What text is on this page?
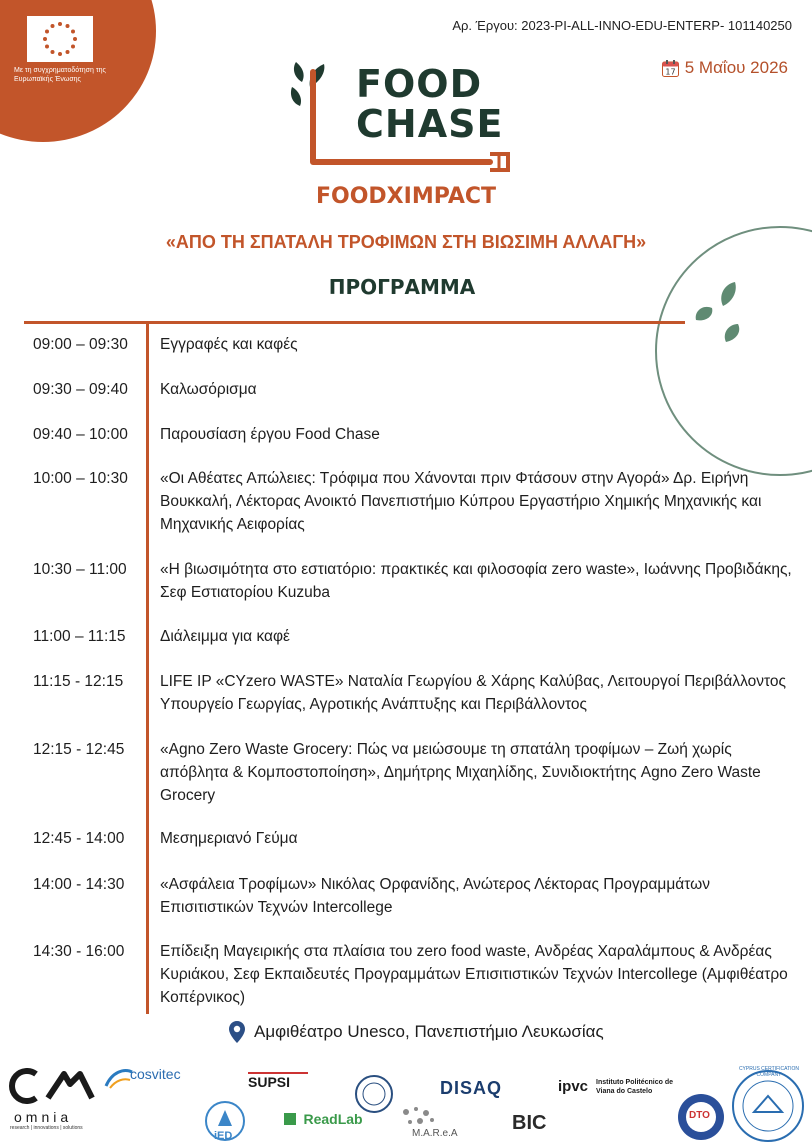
Με τη συγχρηματοδότηση της Ευρωπαϊκής Ένωσης
Αρ. Έργου: 2023-PI-ALL-INNO-EDU-ENTERP- 101140250
17 5 Μαΐου 2026
FOOD
CHASE
FOODXIMPACT
«ΑΠΟ ΤΗ ΣΠΑΤΑΛΗ ΤΡΟΦΙΜΩΝ ΣΤΗ ΒΙΩΣΙΜΗ ΑΛΛΑΓΗ»
ΠΡΟΓΡΑΜΜΑ
09:00 – 09:30 Εγγραφές και καφές
09:30 – 09:40 Καλωσόρισμα
09:40 – 10:00 Παρουσίαση έργου Food Chase
10:00 – 10:30 «Οι Αθέατες Απώλειες: Τρόφιμα που Χάνονται πριν Φτάσουν στην Αγορά» Δρ. Ειρήνη Βουκκαλή, Λέκτορας Ανοικτό Πανεπιστήμιο Κύπρου Εργαστήριο Χημικής Μηχανικής και Μηχανικής Αειφορίας
10:30 – 11:00 «Η βιωσιμότητα στο εστιατόριο: πρακτικές και φιλοσοφία zero waste», Ιωάννης Προβιδάκης, Σεφ Εστιατορίου Kuzuba
11:00 – 11:15 Διάλειμμα για καφέ
11:15 - 12:15 LIFE IP «CYzero WASTE» Ναταλία Γεωργίου & Χάρης Καλύβας, Λειτουργοί Περιβάλλοντος Υπουργείο Γεωργίας, Αγροτικής Ανάπτυξης και Περιβάλλοντος
12:15 - 12:45 «Agno Zero Waste Grocery: Πώς να μειώσουμε τη σπατάλη τροφίμων – Ζωή χωρίς απόβλητα & Κομποστοποίηση», Δημήτρης Μιχαηλίδης, Συνιδιοκτήτης Agno Zero Waste Grocery
12:45 - 14:00 Μεσημεριανό Γεύμα
14:00 - 14:30 «Ασφάλεια Τροφίμων» Νικόλας Ορφανίδης, Ανώτερος Λέκτορας Προγραμμάτων Επισιτιστικών Τεχνών Intercollege
14:30 - 16:00 Επίδειξη Μαγειρικής στα πλαίσια του zero food waste, Ανδρέας Χαραλάμπους & Ανδρέας Κυριάκου, Σεφ Εκπαιδευτές Προγραμμάτων Επισιτιστικών Τεχνών Intercollege (Αμφιθέατρο Κοπέρνικος)
Αμφιθέατρο Unesco, Πανεπιστήμιο Λευκωσίας
omnia
research | innovations | solutions
cosvitec
iED
SUPSI
ReadLab
M.A.R.e.A
DISAQ
BIC
ipvc Instituto Politécnico de Viana do Castelo
DTO
CYPRUS CERTIFICATION COMPANY
